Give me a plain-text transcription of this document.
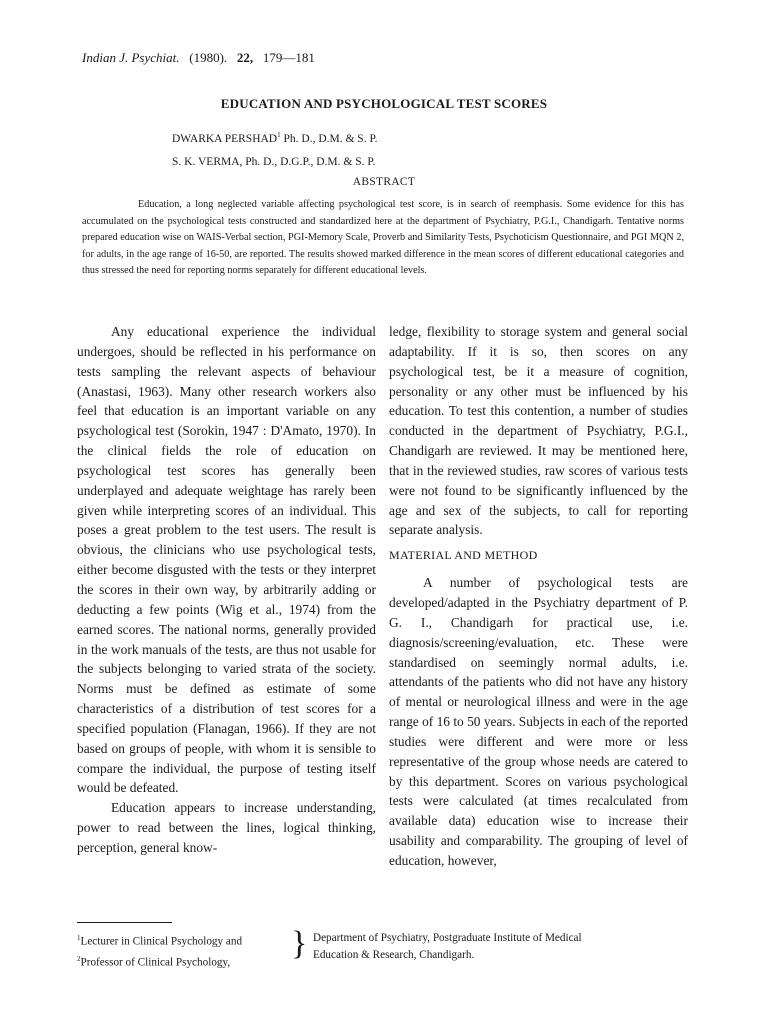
Indian J. Psychiat. (1980). 22, 179—181
EDUCATION AND PSYCHOLOGICAL TEST SCORES
DWARKA PERSHAD$^1$ Ph. D., D.M. & S. P.
S. K. VERMA, Ph. D., D.G.P., D.M. & S. P.
ABSTRACT
Education, a long neglected variable affecting psychological test score, is in search of reemphasis. Some evidence for this has accumulated on the psychological tests constructed and standardized here at the department of Psychiatry, P.G.I., Chandigarh. Tentative norms prepared education wise on WAIS-Verbal section, PGI-Memory Scale, Proverb and Similarity Tests, Psychoticism Questionnaire, and PGI MQN 2, for adults, in the age range of 16-50, are reported. The results showed marked difference in the mean scores of different educational categories and thus stressed the need for reporting norms separately for different educational levels.

Any educational experience the individual undergoes, should be reflected in his performance on tests sampling the relevant aspects of behaviour (Anastasi, 1963). Many other research workers also feel that education is an important variable on any psychological test (Sorokin, 1947 : D'Amato, 1970). In the clinical fields the role of education on psychological test scores has generally been underplayed and adequate weightage has rarely been given while interpreting scores of an individual. This poses a great problem to the test users. The result is obvious, the clinicians who use psychological tests, either become disgusted with the tests or they interpret the scores in their own way, by arbitrarily adding or deducting a few points (Wig et al., 1974) from the earned scores. The national norms, generally provided in the work manuals of the tests, are thus not usable for the subjects belonging to varied strata of the society. Norms must be defined as estimate of some characteristics of a distribution of test scores for a specified population (Flanagan, 1966). If they are not based on groups of people, with whom it is sensible to compare the individual, the purpose of testing itself would be defeated.

Education appears to increase understanding, power to read between the lines, logical thinking, perception, general know-

ledge, flexibility to storage system and general social adaptability. If it is so, then scores on any psychological test, be it a measure of cognition, personality or any other must be influenced by his education. To test this contention, a number of studies conducted in the department of Psychiatry, P.G.I., Chandigarh are reviewed. It may be mentioned here, that in the reviewed studies, raw scores of various tests were not found to be significantly influenced by the age and sex of the subjects, to call for reporting separate analysis.

MATERIAL AND METHOD

A number of psychological tests are developed/adapted in the Psychiatry department of P. G. I., Chandigarh for practical use, i.e. diagnosis/screening/evaluation, etc. These were standardised on seemingly normal adults, i.e. attendants of the patients who did not have any history of mental or neurological illness and were in the age range of 16 to 50 years. Subjects in each of the reported studies were different and were more or less representative of the group whose needs are catered to by this department. Scores on various psychological tests were calculated (at times recalculated from available data) education wise to increase their usability and comparability. The grouping of level of education, however,

$^1$Lecturer in Clinical Psychology and
$^2$Professor of Clinical Psychology,
} Department of Psychiatry, Postgraduate Institute of Medical
Education & Research, Chandigarh.
